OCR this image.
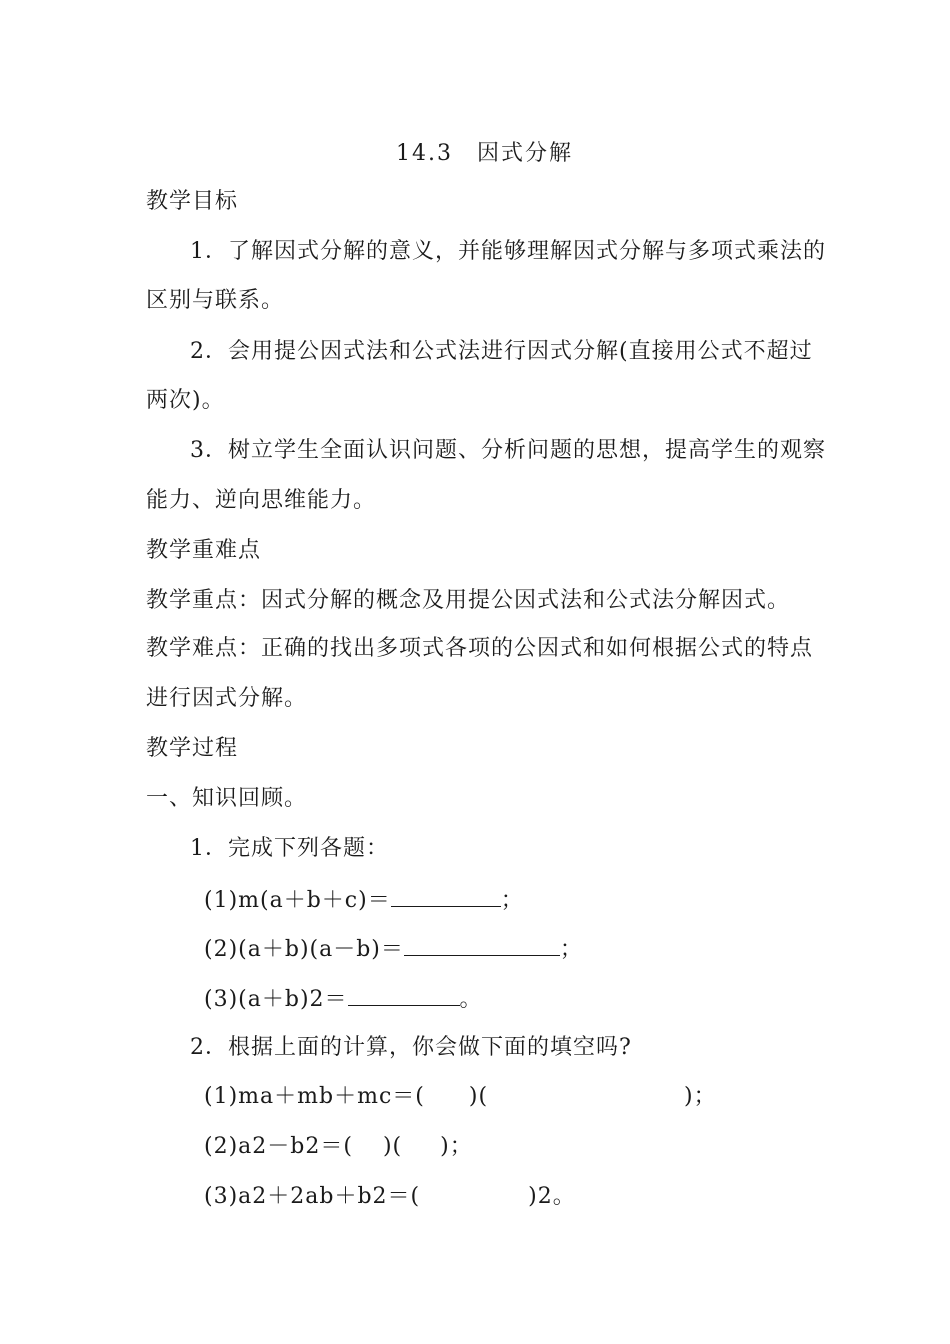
14.3　因式分解
教学目标
1．了解因式分解的意义，并能够理解因式分解与多项式乘法的
区别与联系。
2．会用提公因式法和公式法进行因式分解(直接用公式不超过
两次)。
3．树立学生全面认识问题、分析问题的思想，提高学生的观察
能力、逆向思维能力。
教学重难点
教学重点：因式分解的概念及用提公因式法和公式法分解因式。
教学难点：正确的找出多项式各项的公因式和如何根据公式的特点
进行因式分解。
教学过程
一、知识回顾。
1．完成下列各题：
(1)m(a＋b＋c)＝	；
(2)(a＋b)(a－b)＝	；
(3)(a＋b)2＝	。
2．根据上面的计算，你会做下面的填空吗?
(1)ma＋mb＋mc＝( )(	)；
(2)a2－b2＝( )( )；
(3)a2＋2ab＋b2＝(	)2。
